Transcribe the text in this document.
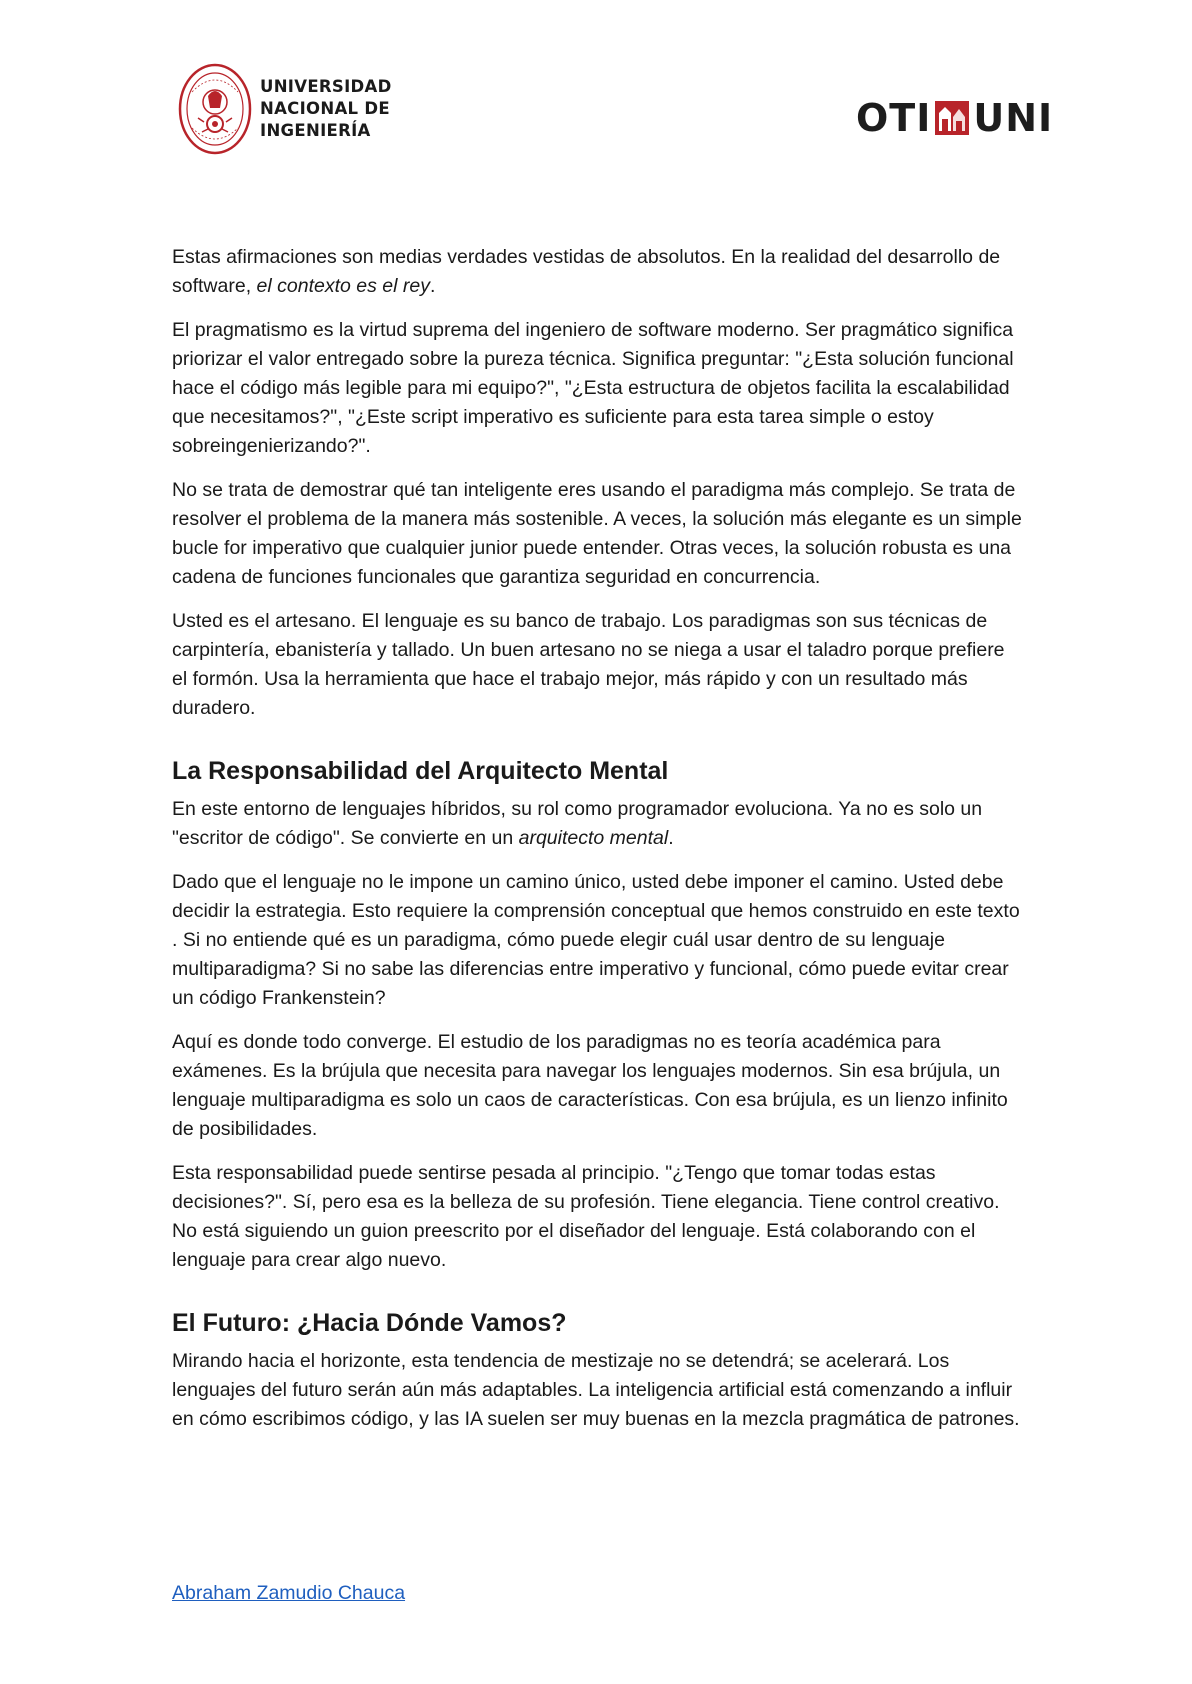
UNIVERSIDAD
NACIONAL DE
INGENIERÍA	OTI UNI

Estas afirmaciones son medias verdades vestidas de absolutos. En la realidad del desarrollo de software, el contexto es el rey.

El pragmatismo es la virtud suprema del ingeniero de software moderno. Ser pragmático significa priorizar el valor entregado sobre la pureza técnica. Significa preguntar: "¿Esta solución funcional hace el código más legible para mi equipo?", "¿Esta estructura de objetos facilita la escalabilidad que necesitamos?", "¿Este script imperativo es suficiente para esta tarea simple o estoy sobreingenierizando?".

No se trata de demostrar qué tan inteligente eres usando el paradigma más complejo. Se trata de resolver el problema de la manera más sostenible. A veces, la solución más elegante es un simple bucle for imperativo que cualquier junior puede entender. Otras veces, la solución robusta es una cadena de funciones funcionales que garantiza seguridad en concurrencia.

Usted es el artesano. El lenguaje es su banco de trabajo. Los paradigmas son sus técnicas de carpintería, ebanistería y tallado. Un buen artesano no se niega a usar el taladro porque prefiere el formón. Usa la herramienta que hace el trabajo mejor, más rápido y con un resultado más duradero.

La Responsabilidad del Arquitecto Mental

En este entorno de lenguajes híbridos, su rol como programador evoluciona. Ya no es solo un "escritor de código". Se convierte en un arquitecto mental.

Dado que el lenguaje no le impone un camino único, usted debe imponer el camino. Usted debe decidir la estrategia. Esto requiere la comprensión conceptual que hemos construido en este texto . Si no entiende qué es un paradigma, cómo puede elegir cuál usar dentro de su lenguaje multiparadigma? Si no sabe las diferencias entre imperativo y funcional, cómo puede evitar crear un código Frankenstein?

Aquí es donde todo converge. El estudio de los paradigmas no es teoría académica para exámenes. Es la brújula que necesita para navegar los lenguajes modernos. Sin esa brújula, un lenguaje multiparadigma es solo un caos de características. Con esa brújula, es un lienzo infinito de posibilidades.

Esta responsabilidad puede sentirse pesada al principio. "¿Tengo que tomar todas estas decisiones?". Sí, pero esa es la belleza de su profesión. Tiene elegancia. Tiene control creativo. No está siguiendo un guion preescrito por el diseñador del lenguaje. Está colaborando con el lenguaje para crear algo nuevo.

El Futuro: ¿Hacia Dónde Vamos?

Mirando hacia el horizonte, esta tendencia de mestizaje no se detendrá; se acelerará. Los lenguajes del futuro serán aún más adaptables. La inteligencia artificial está comenzando a influir en cómo escribimos código, y las IA suelen ser muy buenas en la mezcla pragmática de patrones.

Abraham Zamudio Chauca
